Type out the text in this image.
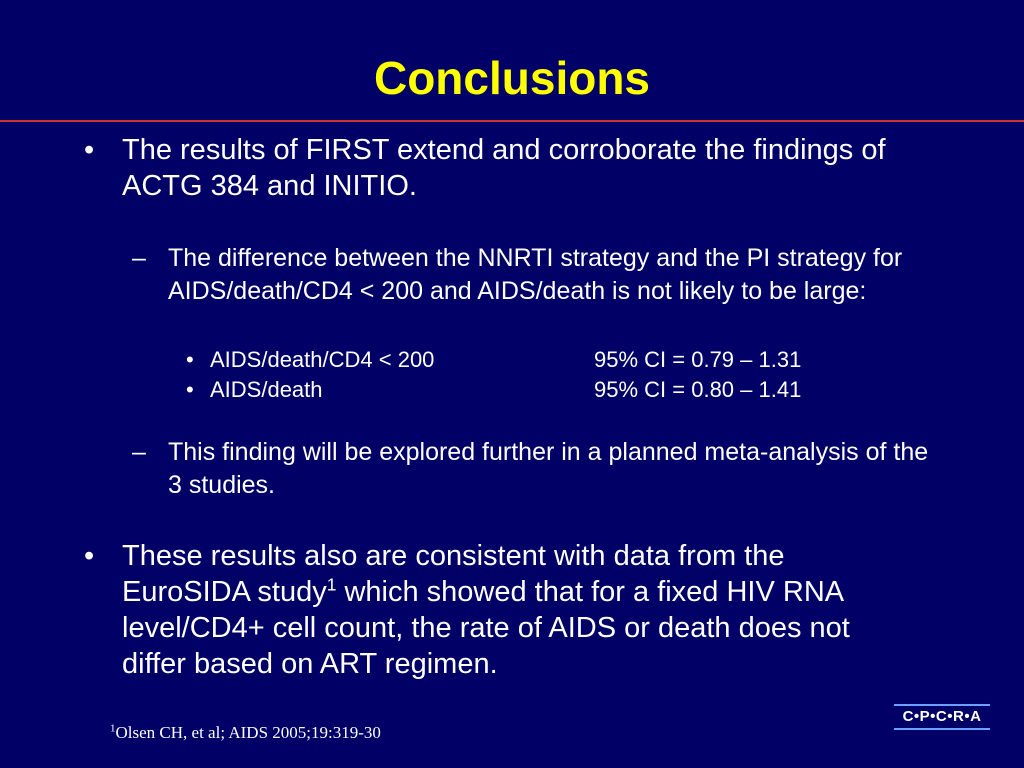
Conclusions
• The results of FIRST extend and corroborate the findings of ACTG 384 and INITIO.
– The difference between the NNRTI strategy and the PI strategy for AIDS/death/CD4 < 200 and AIDS/death is not likely to be large:
• AIDS/death/CD4 < 200	95% CI = 0.79 – 1.31
• AIDS/death	95% CI = 0.80 – 1.41
– This finding will be explored further in a planned meta-analysis of the 3 studies.
• These results also are consistent with data from the EuroSIDA study$^1$ which showed that for a fixed HIV RNA level/CD4+ cell count, the rate of AIDS or death does not differ based on ART regimen.
$^1$Olsen CH, et al; AIDS 2005;19:319-30
C•P•C•R•A
